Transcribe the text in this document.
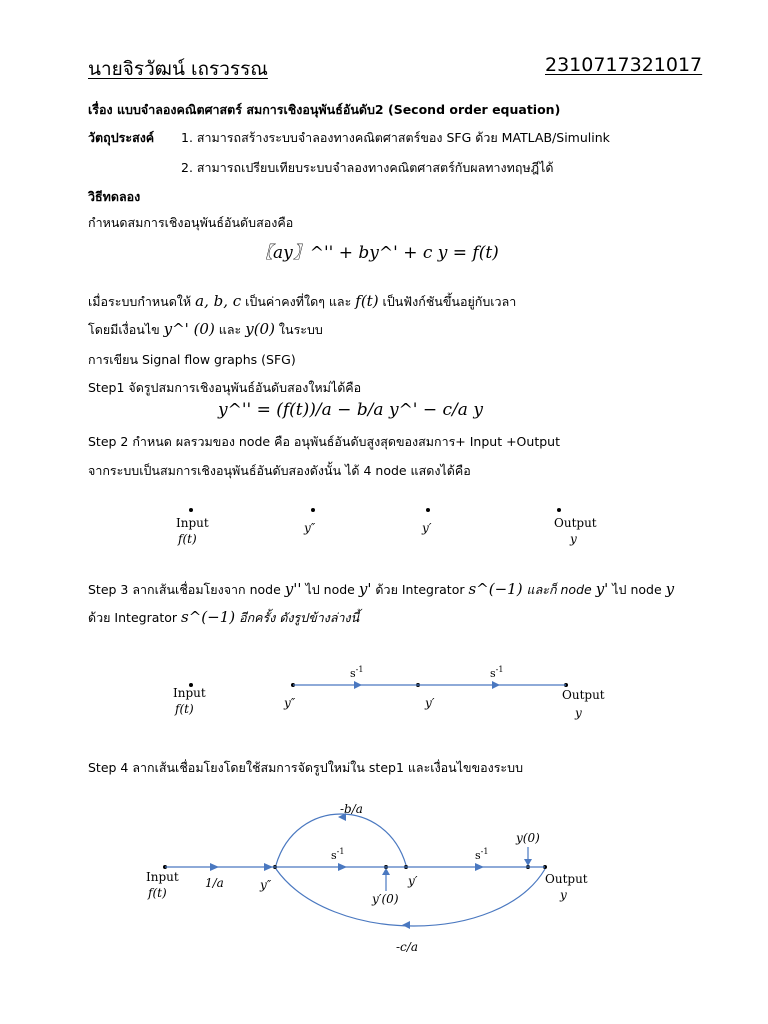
นายจิรวัฒน์ เถรวรรณ	2310717321017
เรื่อง แบบจำลองคณิตศาสตร์ สมการเชิงอนุพันธ์อันดับ2 (Second order equation)
วัตถุประสงค์ 1. สามารถสร้างระบบจำลองทางคณิตศาสตร์ของ SFG ด้วย MATLAB/Simulink
2. สามารถเปรียบเทียบระบบจำลองทางคณิตศาสตร์กับผลทางทฤษฎีได้
วิธีทดลอง
กำหนดสมการเชิงอนุพันธ์อันดับสองคือ
〖ay〗^'' + by^' + c y = f(t)
เมื่อระบบกำหนดให้ a, b, c เป็นค่าคงที่ใดๆ และ f(t) เป็นฟังก์ชันขึ้นอยู่กับเวลา
โดยมีเงื่อนไข y^' (0) และ y(0) ในระบบ
การเขียน Signal flow graphs (SFG)
Step1 จัดรูปสมการเชิงอนุพันธ์อันดับสองใหม่ได้คือ
y^'' = (f(t))/a − b/a y^' − c/a y
Step 2 กำหนด ผลรวมของ node คือ อนุพันธ์อันดับสูงสุดของสมการ+ Input +Output
จากระบบเป็นสมการเชิงอนุพันธ์อันดับสองดังนั้น ได้ 4 node แสดงได้คือ
Input
f(t)
y″	y′	Output
y
Step 3 ลากเส้นเชื่อมโยงจาก node y'' ไป node y' ด้วย Integrator s^(−1) และก็ node y' ไป node y
ด้วย Integrator s^(−1) อีกครั้ง ดังรูปข้างล่างนี้
$s^{-1}$	$s^{-1}$
Input
f(t)	y″	y′
Output
y
Step 4 ลากเส้นเชื่อมโยงโดยใช้สมการจัดรูปใหม่ใน step1 และเงื่อนไขของระบบ
Input
f(t)
1/a	y″	y′	Output
y
$s^{-1}$	$s^{-1}$
-b/a
-c/a
y(0)
y′(0)
